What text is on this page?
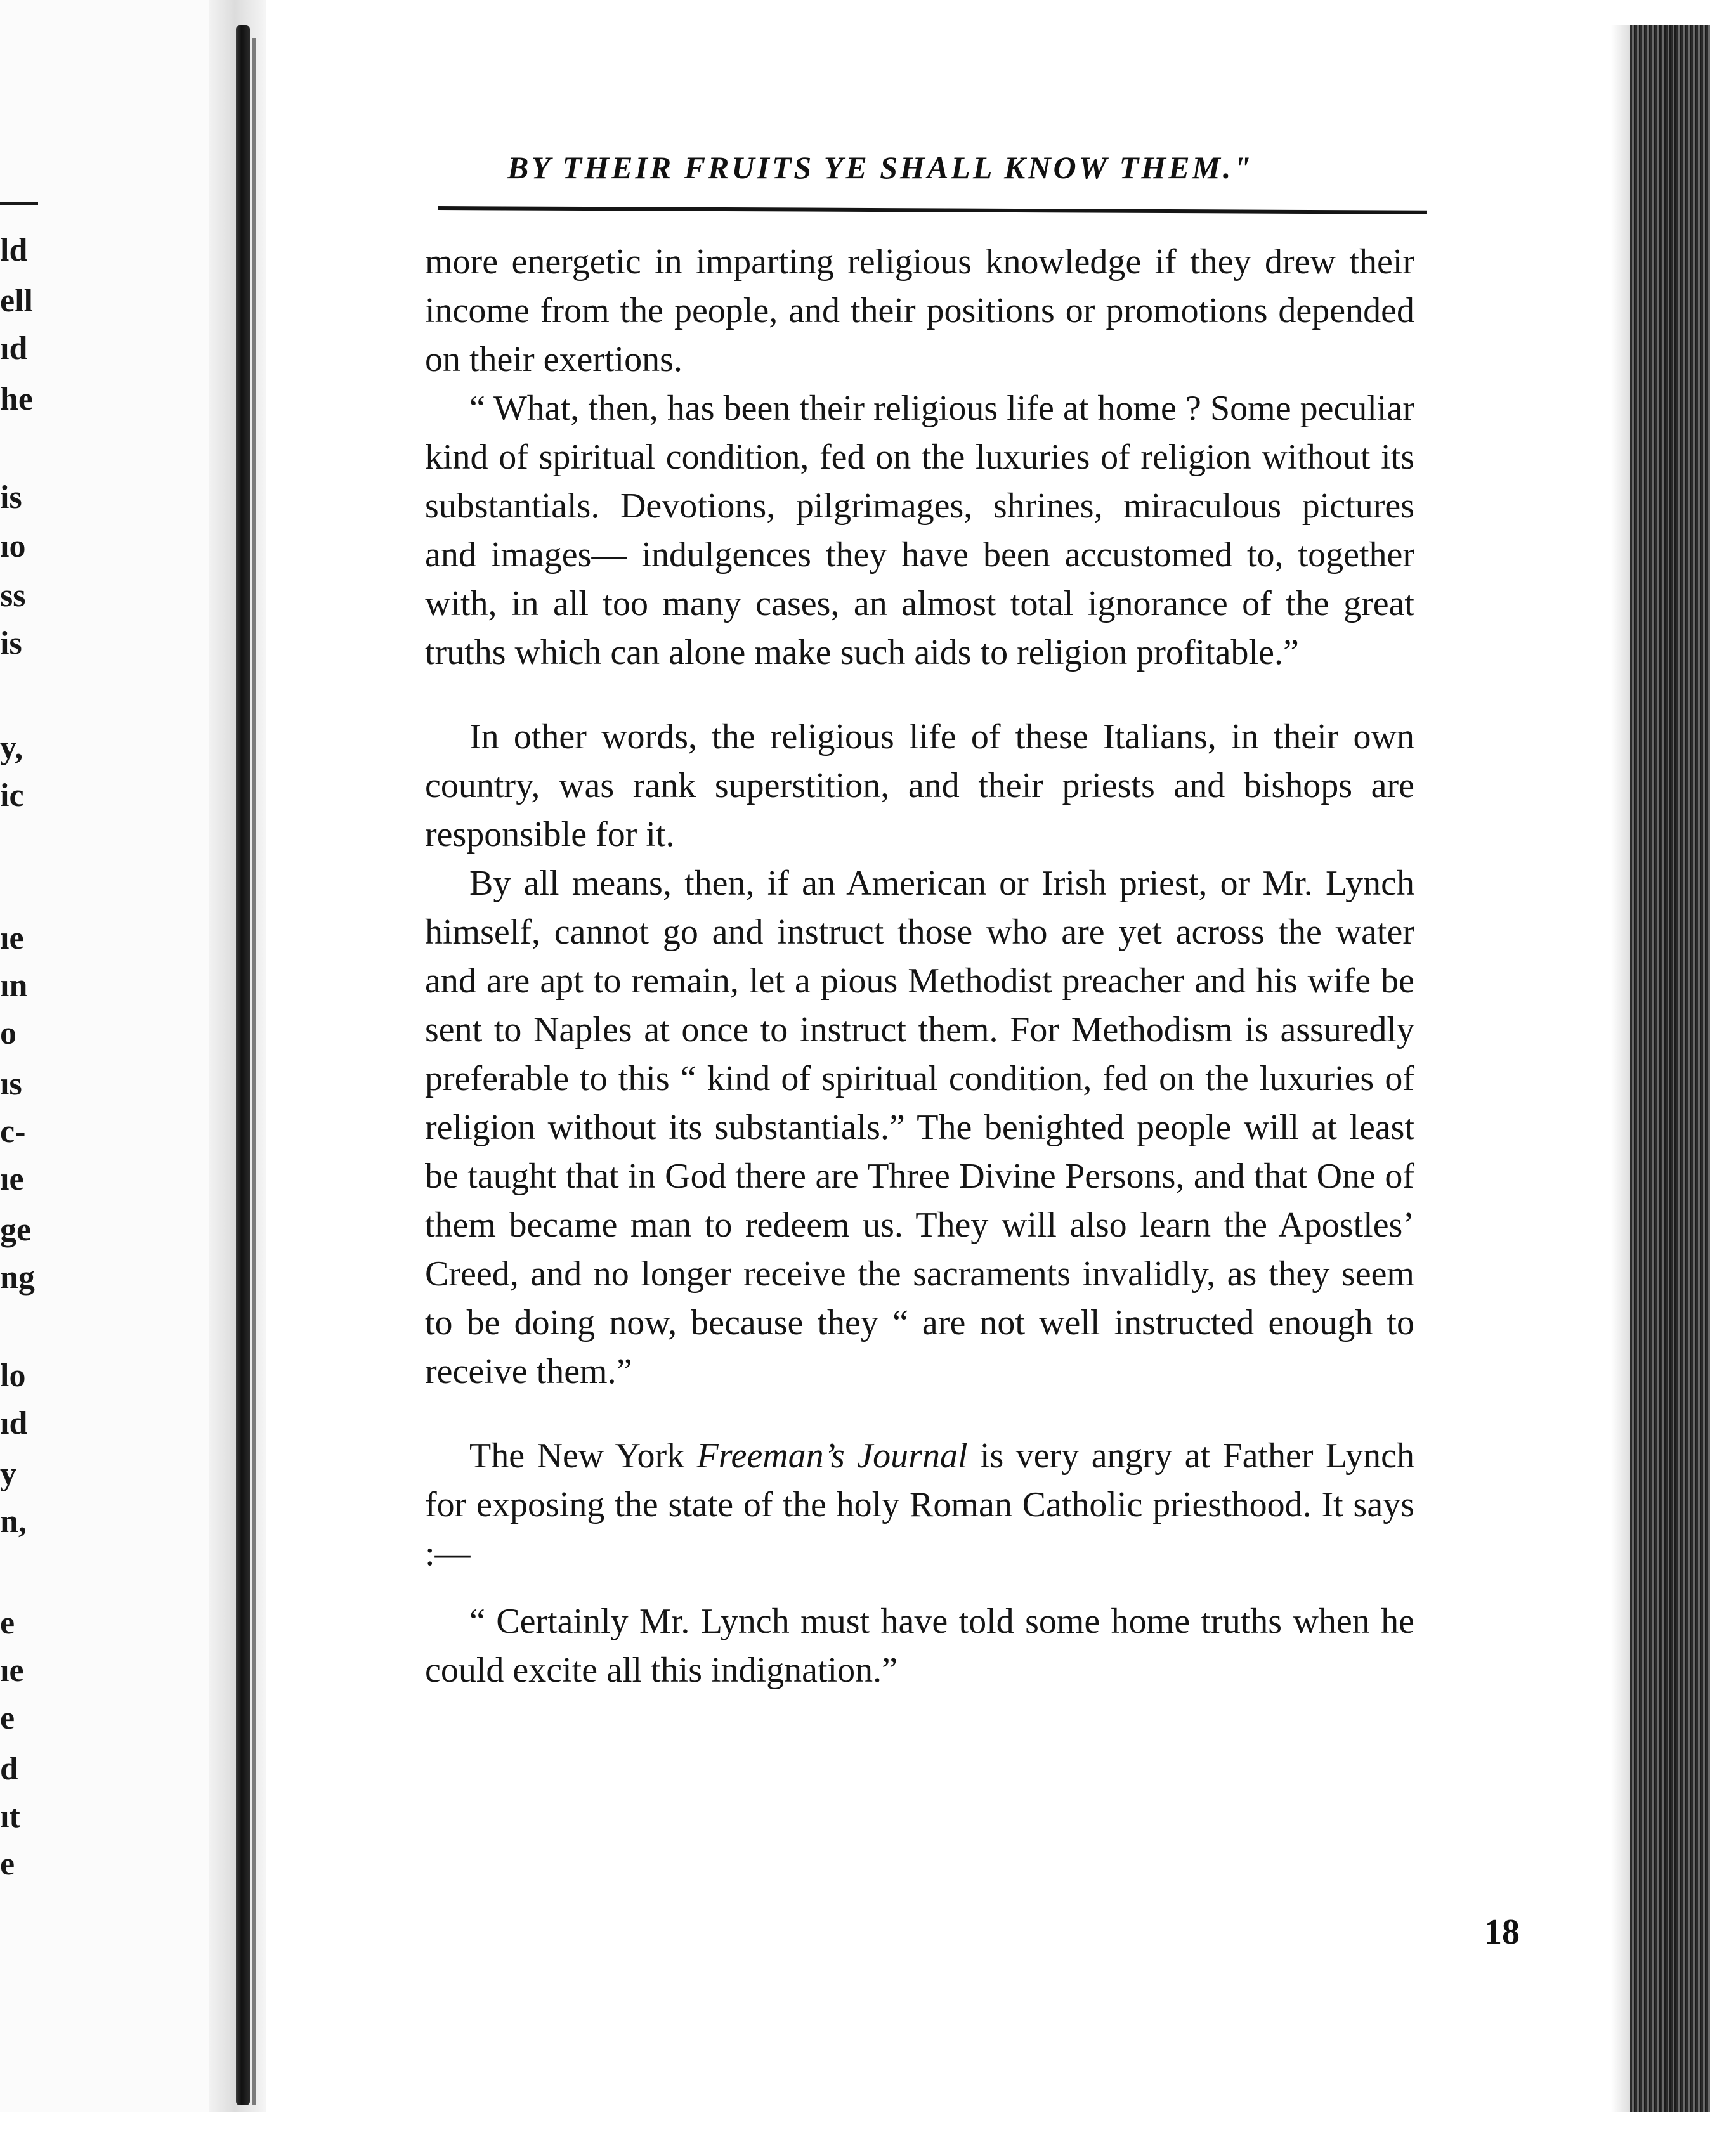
ld
ell
ıd
he
is
ıo
ss
is
y,
ic
ıe
ın
o
ıs
c-
ıe
ge
ng
lo
ıd
y
n,
e
ıe
e
d
ıt
e
BY THEIR FRUITS YE SHALL KNOW THEM."

more energetic in imparting religious knowledge if they drew their income from the people, and their positions or promotions depended on their exertions.

“ What, then, has been their religious life at home ? Some peculiar kind of spiritual condition, fed on the luxuries of religion without its substantials. Devotions, pilgrimages, shrines, miraculous pictures and images— indulgences they have been accustomed to, together with, in all too many cases, an almost total ignorance of the great truths which can alone make such aids to religion profitable.”

In other words, the religious life of these Italians, in their own country, was rank superstition, and their priests and bishops are responsible for it.

By all means, then, if an American or Irish priest, or Mr. Lynch himself, cannot go and instruct those who are yet across the water and are apt to remain, let a pious Methodist preacher and his wife be sent to Naples at once to instruct them. For Methodism is assuredly preferable to this “ kind of spiritual condition, fed on the luxuries of religion without its substantials.” The benighted people will at least be taught that in God there are Three Divine Persons, and that One of them became man to redeem us. They will also learn the Apostles’ Creed, and no longer receive the sacraments invalidly, as they seem to be doing now, because they “ are not well instructed enough to receive them.”

The New York Freeman’s Journal is very angry at Father Lynch for exposing the state of the holy Roman Catholic priesthood. It says :—

“ Certainly Mr. Lynch must have told some home truths when he could excite all this indignation.”

18
